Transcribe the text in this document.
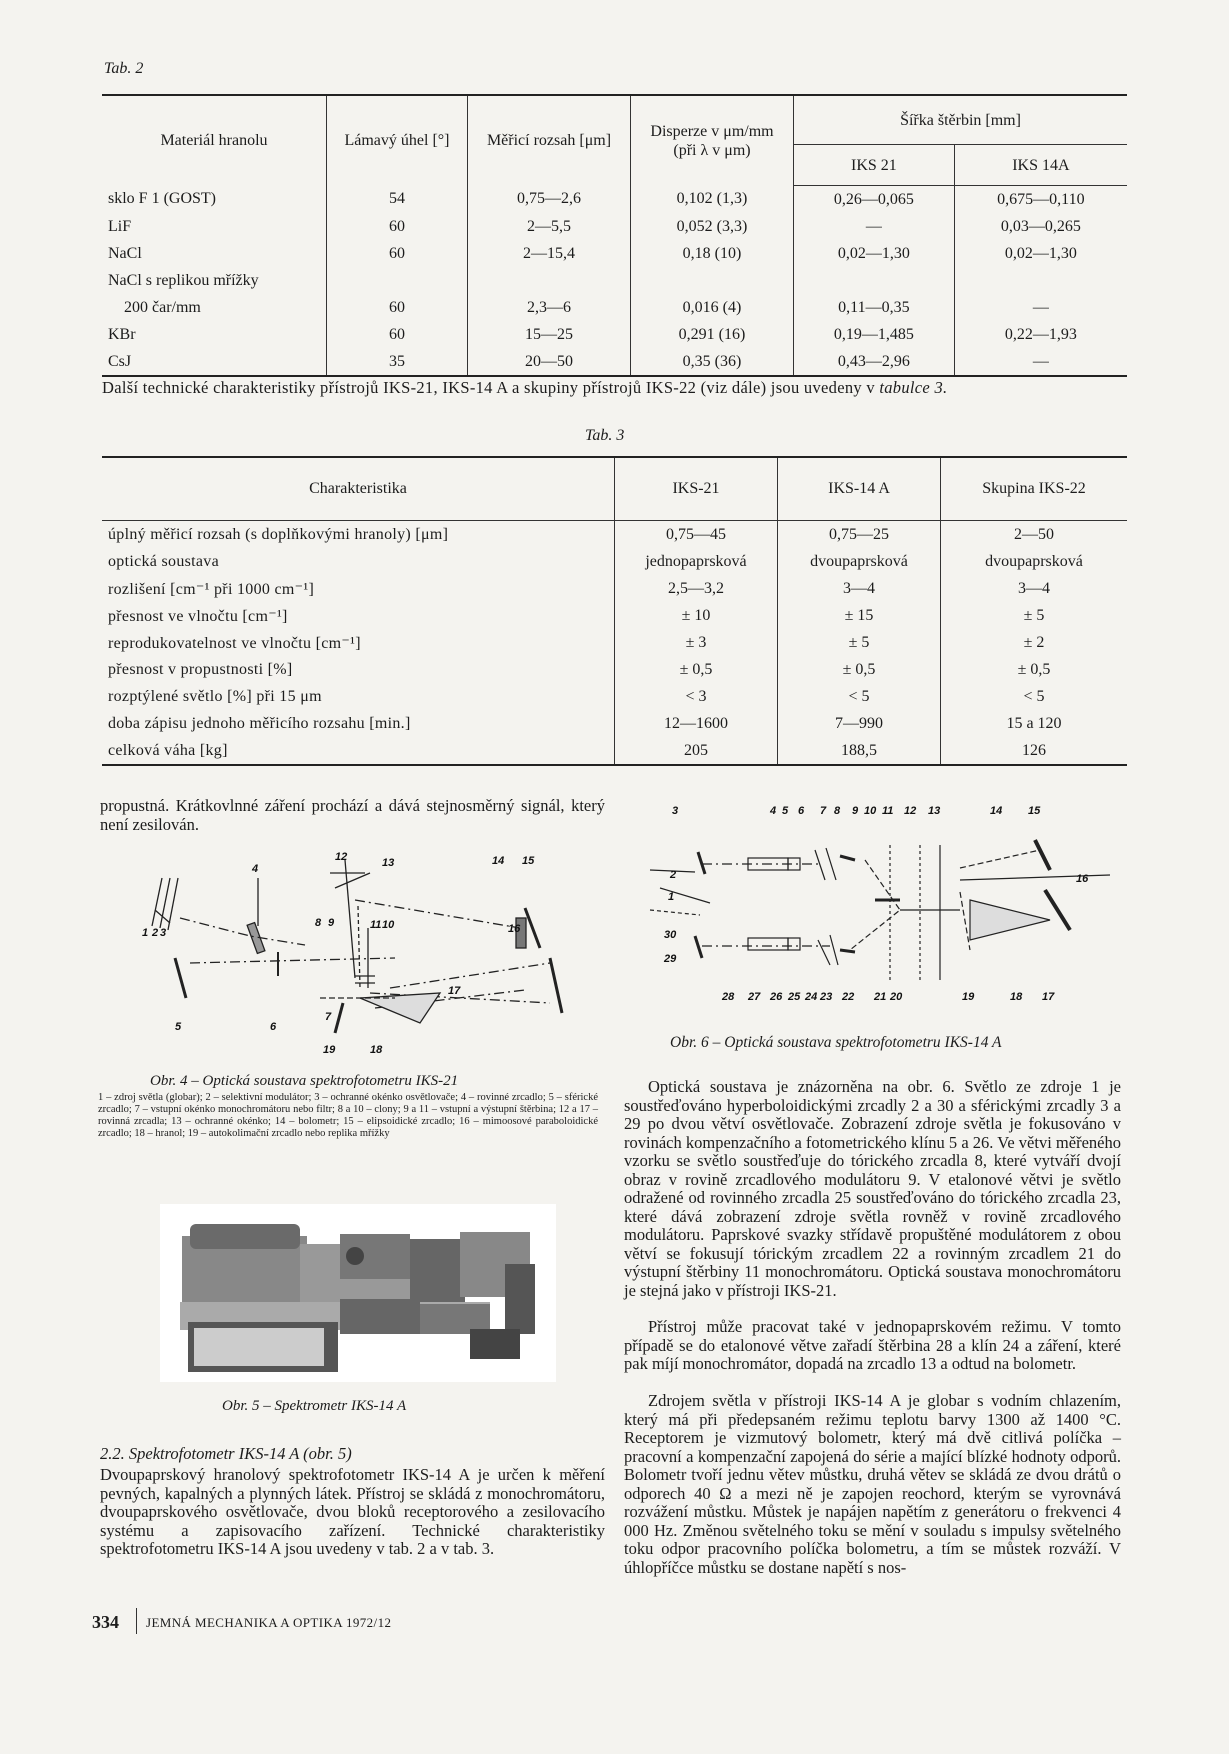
Tab. 2
Materiál hranolu	Lámavý úhel [°]	Měřicí rozsah [μm]	Disperze v μm/mm (při λ v μm)	Šířka štěrbin [mm]	
				IKS 21	IKS 14A
sklo F 1 (GOST)	54	0,75—2,6	0,102 (1,3)	0,26—0,065	0,675—0,110
LiF	60	2—5,5	0,052 (3,3)	—	0,03—0,265
NaCl	60	2—15,4	0,18 (10)	0,02—1,30	0,02—1,30
NaCl s replikou mřížky					
200 čar/mm	60	2,3—6	0,016 (4)	0,11—0,35	—
KBr	60	15—25	0,291 (16)	0,19—1,485	0,22—1,93
CsJ	35	20—50	0,35 (36)	0,43—2,96	—
Další technické charakteristiky přístrojů IKS-21, IKS-14 A a skupiny přístrojů IKS-22 (viz dále) jsou uvedeny v tabulce 3.
Tab. 3
Charakteristika	IKS-21	IKS-14 A	Skupina IKS-22
úplný měřicí rozsah (s doplňkovými hranoly) [μm]	0,75—45	0,75—25	2—50
optická soustava	jednopaprsková	dvoupaprsková	dvoupaprsková
rozlišení [cm⁻¹ při 1000 cm⁻¹]	2,5—3,2	3—4	3—4
přesnost ve vlnočtu [cm⁻¹]	± 10	± 15	± 5
reprodukovatelnost ve vlnočtu [cm⁻¹]	± 3	± 5	± 2
přesnost v propustnosti [%]	± 0,5	± 0,5	± 0,5
rozptýlené světlo [%] při 15 μm	< 3	< 5	< 5
doba zápisu jednoho měřicího rozsahu [min.]	12—1600	7—990	15 a 120
celková váha [kg]	205	188,5	126
propustná. Krátkovlnné záření prochází a dává stejnosměrný signál, který není zesilován.
1 2 3
4
5	6
7
8 9	10
11
12	13	14 15
16
17
18
19
Obr. 4 – Optická soustava spektrofotometru IKS-21
1 – zdroj světla (globar); 2 – selektivní modulátor; 3 – ochranné okénko osvětlovače; 4 – rovinné zrcadlo; 5 – sférické zrcadlo; 7 – vstupní okénko monochromátoru nebo filtr; 8 a 10 – clony; 9 a 11 – vstupní a výstupní štěrbina; 12 a 17 – rovinná zrcadla; 13 – ochranné okénko; 14 – bolometr; 15 – elipsoidické zrcadlo; 16 – mimoosové paraboloidické zrcadlo; 18 – hranol; 19 – autokolimační zrcadlo nebo replika mřížky
Obr. 5 – Spektrometr IKS-14 A
2.2. Spektrofotometr IKS-14 A (obr. 5)
Dvoupaprskový hranolový spektrofotometr IKS-14 A je určen k měření pevných, kapalných a plynných látek. Přístroj se skládá z monochromátoru, dvoupaprskového osvětlovače, dvou bloků receptorového a zesilovacího systému a zapisovacího zařízení. Technické charakteristiky spektrofotometru IKS-14 A jsou uvedeny v tab. 2 a v tab. 3.
3	4 5 6 7 8 9 10 11 12 13	14 15
28 27 26 25 24 23 22 21 20	19	18 17
2
1
30
29
16
Obr. 6 – Optická soustava spektrofotometru IKS-14 A
Optická soustava je znázorněna na obr. 6. Světlo ze zdroje 1 je soustřeďováno hyperboloidickými zrcadly 2 a 30 a sférickými zrcadly 3 a 29 po dvou větví osvětlovače. Zobrazení zdroje světla je fokusováno v rovinách kompenzačního a fotometrického klínu 5 a 26. Ve větvi měřeného vzorku se světlo soustřeďuje do tórického zrcadla 8, které vytváří dvojí obraz v rovině zrcadlového modulátoru 9. V etalonové větvi je světlo odražené od rovinného zrcadla 25 soustřeďováno do tórického zrcadla 23, které dává zobrazení zdroje světla rovněž v rovině zrcadlového modulátoru. Paprskové svazky střídavě propuštěné modulátorem z obou větví se fokusují tórickým zrcadlem 22 a rovinným zrcadlem 21 do výstupní štěrbiny 11 monochromátoru. Optická soustava monochromátoru je stejná jako v přístroji IKS-21.
Přístroj může pracovat také v jednopaprskovém režimu. V tomto případě se do etalonové větve zařadí štěrbina 28 a klín 24 a záření, které pak míjí monochromátor, dopadá na zrcadlo 13 a odtud na bolometr.
Zdrojem světla v přístroji IKS-14 A je globar s vodním chlazením, který má při předepsaném režimu teplotu barvy 1300 až 1400 °C. Receptorem je vizmutový bolometr, který má dvě citlivá políčka – pracovní a kompenzační zapojená do série a mající blízké hodnoty odporů. Bolometr tvoří jednu větev můstku, druhá větev se skládá ze dvou drátů o odporech 40 Ω a mezi ně je zapojen reochord, kterým se vyrovnává rozvážení můstku. Můstek je napájen napětím z generátoru o frekvenci 4 000 Hz. Změnou světelného toku se mění v souladu s impulsy světelného toku odpor pracovního políčka bolometru, a tím se můstek rozváží. V úhlopříčce můstku se dostane napětí s nos-
334 JEMNÁ MECHANIKA A OPTIKA 1972/12
